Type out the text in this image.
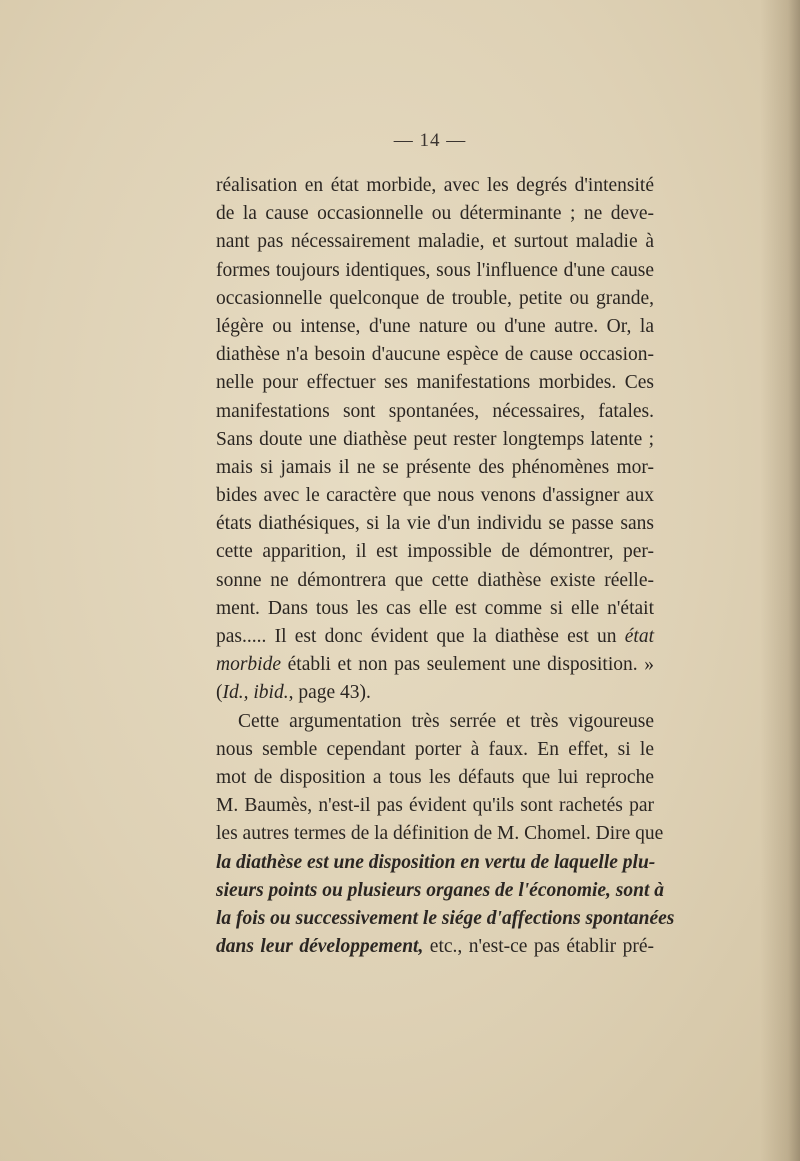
— 14 —
réalisation en état morbide, avec les degrés d'intensité
de la cause occasionnelle ou déterminante ; ne deve-
nant pas nécessairement maladie, et surtout maladie à
formes toujours identiques, sous l'influence d'une cause
occasionnelle quelconque de trouble, petite ou grande,
légère ou intense, d'une nature ou d'une autre. Or, la
diathèse n'a besoin d'aucune espèce de cause occasion-
nelle pour effectuer ses manifestations morbides. Ces
manifestations sont spontanées, nécessaires, fatales.
Sans doute une diathèse peut rester longtemps latente ;
mais si jamais il ne se présente des phénomènes mor-
bides avec le caractère que nous venons d'assigner aux
états diathésiques, si la vie d'un individu se passe sans
cette apparition, il est impossible de démontrer, per-
sonne ne démontrera que cette diathèse existe réelle-
ment. Dans tous les cas elle est comme si elle n'était
pas..... Il est donc évident que la diathèse est un état
morbide établi et non pas seulement une disposition. »
(Id., ibid., page 43).
Cette argumentation très serrée et très vigoureuse
nous semble cependant porter à faux. En effet, si le
mot de disposition a tous les défauts que lui reproche
M. Baumès, n'est-il pas évident qu'ils sont rachetés par
les autres termes de la définition de M. Chomel. Dire que
la diathèse est une disposition en vertu de laquelle plu-
sieurs points ou plusieurs organes de l'économie, sont à
la fois ou successivement le siége d'affections spontanées
dans leur développement, etc., n'est-ce pas établir pré-
